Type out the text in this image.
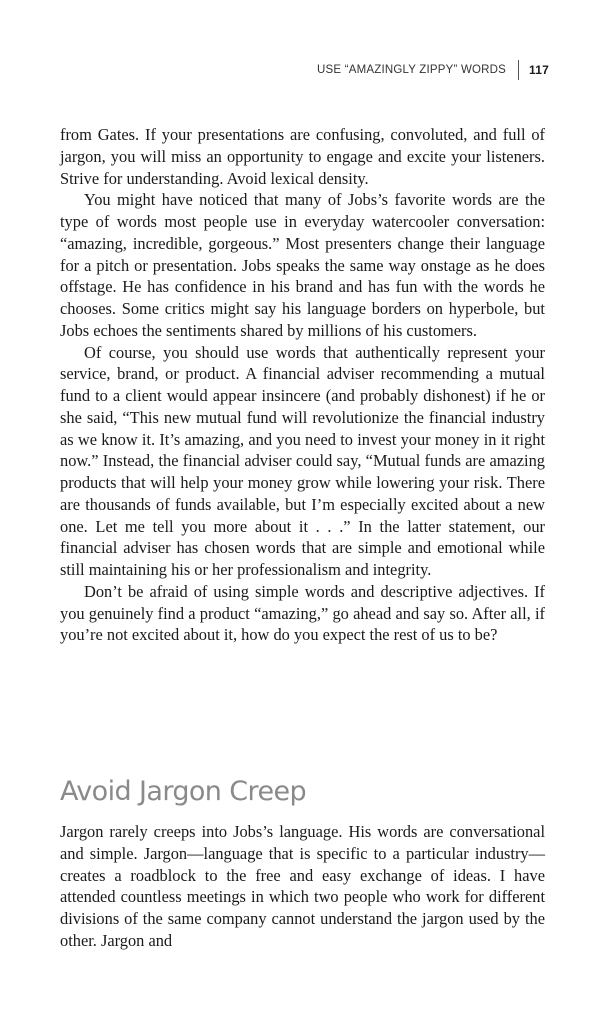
USE “AMAZINGLY ZIPPY” WORDS 117

from Gates. If your presentations are confusing, convoluted, and full of jargon, you will miss an opportunity to engage and excite your listeners. Strive for understanding. Avoid lexical density.

You might have noticed that many of Jobs’s favorite words are the type of words most people use in everyday watercooler conversation: “amazing, incredible, gorgeous.” Most presenters change their language for a pitch or presentation. Jobs speaks the same way onstage as he does offstage. He has confidence in his brand and has fun with the words he chooses. Some critics might say his language borders on hyperbole, but Jobs echoes the sentiments shared by millions of his customers.

Of course, you should use words that authentically represent your service, brand, or product. A financial adviser recommending a mutual fund to a client would appear insincere (and probably dishonest) if he or she said, “This new mutual fund will revolutionize the financial industry as we know it. It’s amazing, and you need to invest your money in it right now.” Instead, the financial adviser could say, “Mutual funds are amazing products that will help your money grow while lowering your risk. There are thousands of funds available, but I’m especially excited about a new one. Let me tell you more about it . . .” In the latter statement, our financial adviser has chosen words that are simple and emotional while still maintaining his or her professionalism and integrity.

Don’t be afraid of using simple words and descriptive adjectives. If you genuinely find a product “amazing,” go ahead and say so. After all, if you’re not excited about it, how do you expect the rest of us to be?

Avoid Jargon Creep

Jargon rarely creeps into Jobs’s language. His words are conversational and simple. Jargon—language that is specific to a particular industry—creates a roadblock to the free and easy exchange of ideas. I have attended countless meetings in which two people who work for different divisions of the same company cannot understand the jargon used by the other. Jargon and
